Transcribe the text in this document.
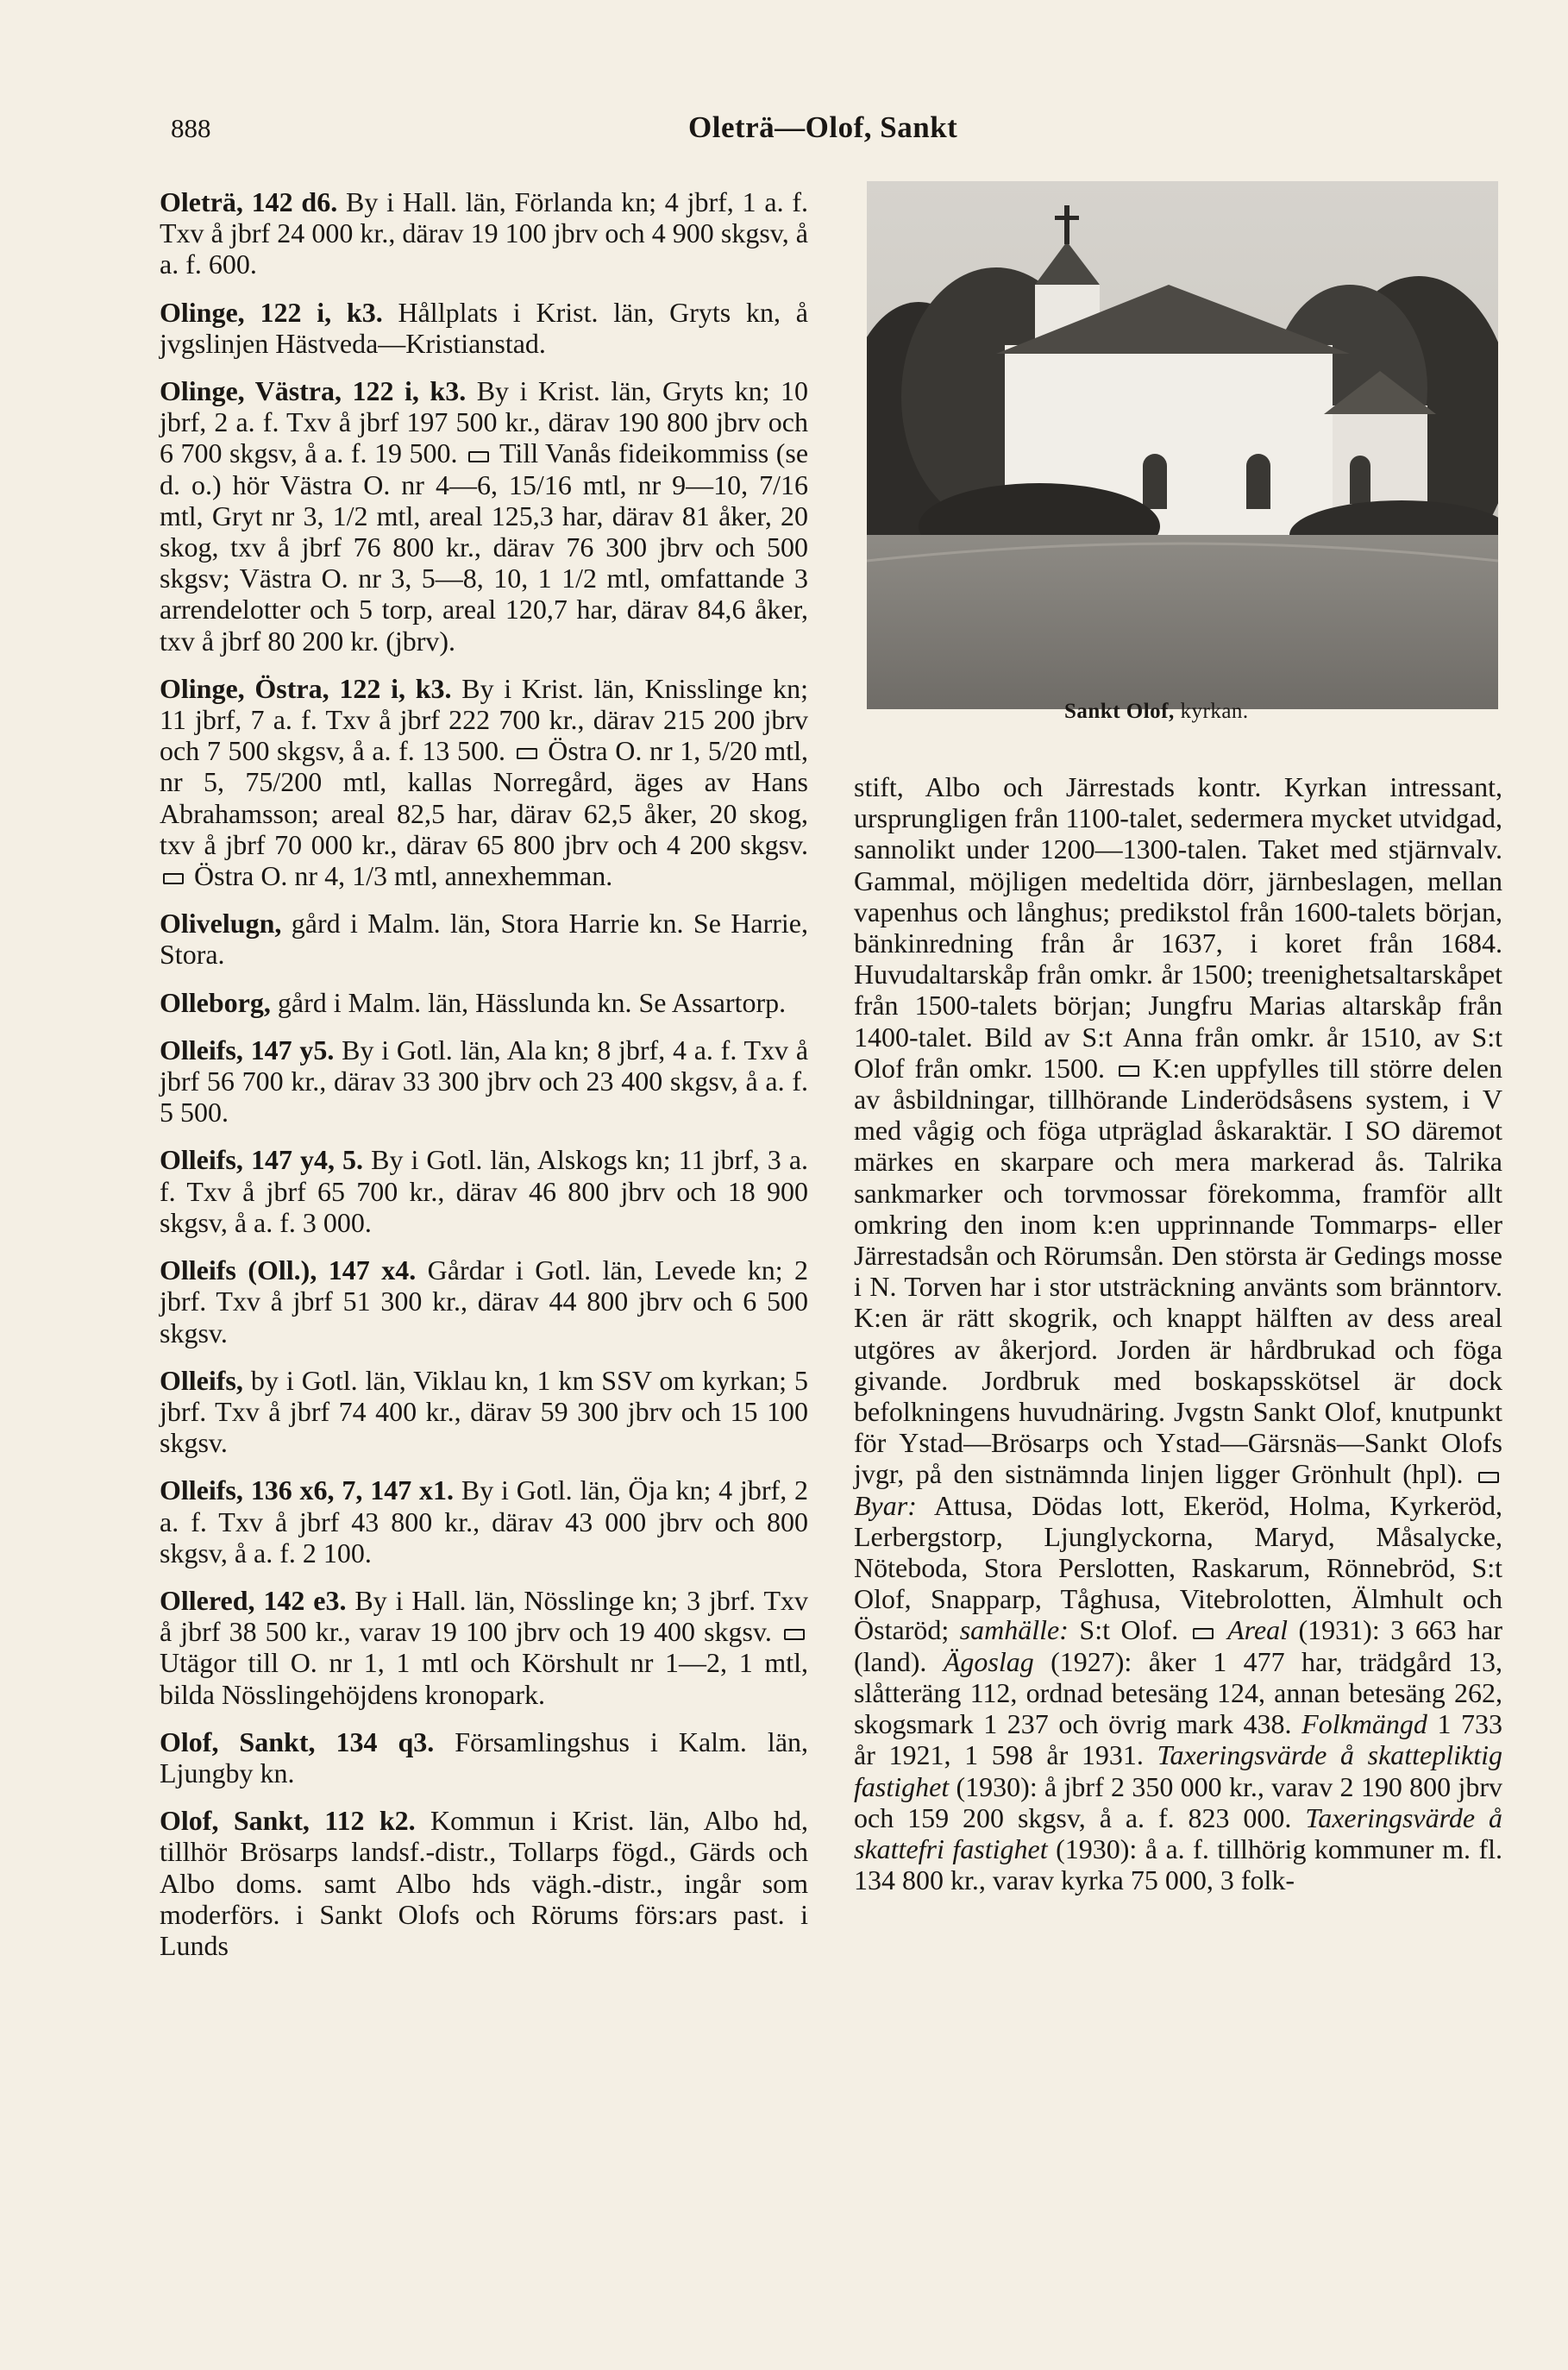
888	Oleträ—Olof, Sankt

Oleträ, 142 d6. By i Hall. län, Förlanda kn; 4 jbrf, 1 a. f. Txv å jbrf 24 000 kr., därav 19 100 jbrv och 4 900 skgsv, å a. f. 600.

Olinge, 122 i, k3. Hållplats i Krist. län, Gryts kn, å jvgslinjen Hästveda—Kristianstad.

Olinge, Västra, 122 i, k3. By i Krist. län, Gryts kn; 10 jbrf, 2 a. f. Txv å jbrf 197 500 kr., därav 190 800 jbrv och 6 700 skgsv, å a. f. 19 500.  Till Vanås fideikommiss (se d. o.) hör Västra O. nr 4—6, 15/16 mtl, nr 9—10, 7/16 mtl, Gryt nr 3, 1/2 mtl, areal 125,3 har, därav 81 åker, 20 skog, txv å jbrf 76 800 kr., därav 76 300 jbrv och 500 skgsv; Västra O. nr 3, 5—8, 10, 1 1/2 mtl, omfattande 3 arrendelotter och 5 torp, areal 120,7 har, därav 84,6 åker, txv å jbrf 80 200 kr. (jbrv).

Olinge, Östra, 122 i, k3. By i Krist. län, Knisslinge kn; 11 jbrf, 7 a. f. Txv å jbrf 222 700 kr., därav 215 200 jbrv och 7 500 skgsv, å a. f. 13 500.  Östra O. nr 1, 5/20 mtl, nr 5, 75/200 mtl, kallas Norregård, äges av Hans Abrahamsson; areal 82,5 har, därav 62,5 åker, 20 skog, txv å jbrf 70 000 kr., därav 65 800 jbrv och 4 200 skgsv.  Östra O. nr 4, 1/3 mtl, annexhemman.

Olivelugn, gård i Malm. län, Stora Harrie kn. Se Harrie, Stora.

Olleborg, gård i Malm. län, Hässlunda kn. Se Assartorp.

Olleifs, 147 y5. By i Gotl. län, Ala kn; 8 jbrf, 4 a. f. Txv å jbrf 56 700 kr., därav 33 300 jbrv och 23 400 skgsv, å a. f. 5 500.

Olleifs, 147 y4, 5. By i Gotl. län, Alskogs kn; 11 jbrf, 3 a. f. Txv å jbrf 65 700 kr., därav 46 800 jbrv och 18 900 skgsv, å a. f. 3 000.

Olleifs (Oll.), 147 x4. Gårdar i Gotl. län, Levede kn; 2 jbrf. Txv å jbrf 51 300 kr., därav 44 800 jbrv och 6 500 skgsv.

Olleifs, by i Gotl. län, Viklau kn, 1 km SSV om kyrkan; 5 jbrf. Txv å jbrf 74 400 kr., därav 59 300 jbrv och 15 100 skgsv.

Olleifs, 136 x6, 7, 147 x1. By i Gotl. län, Öja kn; 4 jbrf, 2 a. f. Txv å jbrf 43 800 kr., därav 43 000 jbrv och 800 skgsv, å a. f. 2 100.

Ollered, 142 e3. By i Hall. län, Nösslinge kn; 3 jbrf. Txv å jbrf 38 500 kr., varav 19 100 jbrv och 19 400 skgsv.  Utägor till O. nr 1, 1 mtl och Körshult nr 1—2, 1 mtl, bilda Nösslingehöjdens kronopark.

Olof, Sankt, 134 q3. Församlingshus i Kalm. län, Ljungby kn.

Olof, Sankt, 112 k2. Kommun i Krist. län, Albo hd, tillhör Brösarps landsf.-distr., Tollarps fögd., Gärds och Albo doms. samt Albo hds vägh.-distr., ingår som moderförs. i Sankt Olofs och Rörums förs:ars past. i Lunds

Sankt Olof, kyrkan.

stift, Albo och Järrestads kontr. Kyrkan intressant, ursprungligen från 1100-talet, sedermera mycket utvidgad, sannolikt under 1200—1300-talen. Taket med stjärnvalv. Gammal, möjligen medeltida dörr, järnbeslagen, mellan vapenhus och långhus; predikstol från 1600-talets början, bänkinredning från år 1637, i koret från 1684. Huvudaltarskåp från omkr. år 1500; treenighetsaltarskåpet från 1500-talets början; Jungfru Marias altarskåp från 1400-talet. Bild av S:t Anna från omkr. år 1510, av S:t Olof från omkr. 1500.  K:en uppfylles till större delen av åsbildningar, tillhörande Linderödsåsens system, i V med vågig och föga utpräglad åskaraktär. I SO däremot märkes en skarpare och mera markerad ås. Talrika sankmarker och torvmossar förekomma, framför allt omkring den inom k:en upprinnande Tommarps- eller Järrestadsån och Rörumsån. Den största är Gedings mosse i N. Torven har i stor utsträckning använts som bränntorv. K:en är rätt skogrik, och knappt hälften av dess areal utgöres av åkerjord. Jorden är hårdbrukad och föga givande. Jordbruk med boskapsskötsel är dock befolkningens huvudnäring. Jvgstn Sankt Olof, knutpunkt för Ystad—Brösarps och Ystad—Gärsnäs—Sankt Olofs jvgr, på den sistnämnda linjen ligger Grönhult (hpl).  Byar: Attusa, Dödas lott, Ekeröd, Holma, Kyrkeröd, Lerbergstorp, Ljunglyckorna, Maryd, Måsalycke, Nöteboda, Stora Perslotten, Raskarum, Rönnebröd, S:t Olof, Snapparp, Tåghusa, Vitebrolotten, Älmhult och Östaröd; samhälle: S:t Olof. Areal (1931): 3 663 har (land). Ägoslag (1927): åker 1 477 har, trädgård 13, slåtteräng 112, ordnad betesäng 124, annan betesäng 262, skogsmark 1 237 och övrig mark 438. Folkmängd 1 733 år 1921, 1 598 år 1931. Taxeringsvärde å skattepliktig fastighet (1930): å jbrf 2 350 000 kr., varav 2 190 800 jbrv och 159 200 skgsv, å a. f. 823 000. Taxeringsvärde å skattefri fastighet (1930): å a. f. tillhörig kommuner m. fl. 134 800 kr., varav kyrka 75 000, 3 folk-
